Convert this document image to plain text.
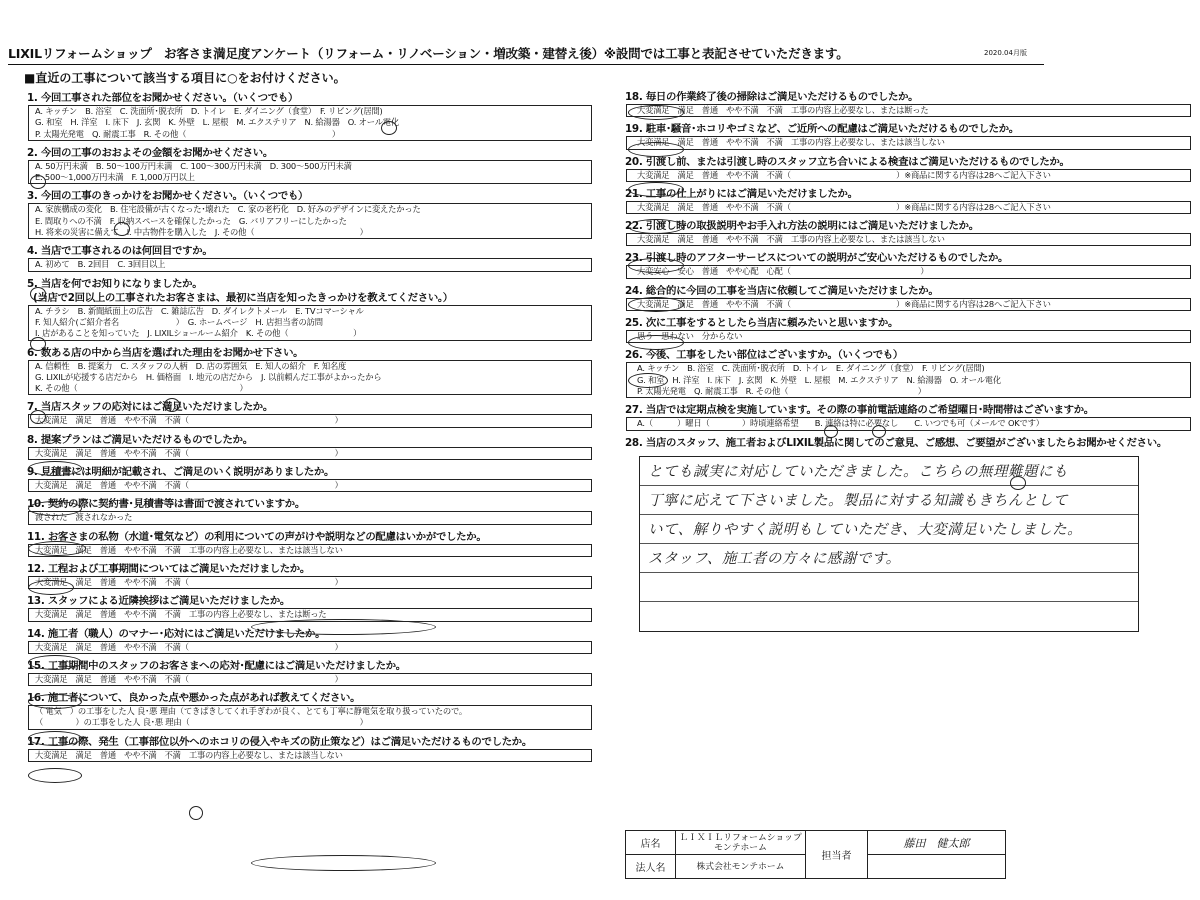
LIXILリフォームショップ　お客さま満足度アンケート（リフォーム・リノベーション・増改築・建替え後）※設問では工事と表記させていただきます。	2020.04月版
■直近の工事について該当する項目に○をお付けください。
1. 今回工事された部位をお聞かせください。（いくつでも）
A. キッチン　B. 浴室　C. 洗面所･脱衣所　D. トイレ　E. ダイニング（食堂）　F. リビング(居間)
G. 和室　H. 洋室　I. 床下　J. 玄関　K. 外壁　L. 屋根　M. エクステリア　N. 給湯器　O. オール電化
P. 太陽光発電　Q. 耐震工事　R. その他（　　　　　　　　　　　　　　　　　　）
2. 今回の工事のおおよその金額をお聞かせください。
A. 50万円未満　B. 50～100万円未満　C. 100～300万円未満　D. 300～500万円未満
E. 500～1,000万円未満　F. 1,000万円以上
3. 今回の工事のきっかけをお聞かせください。（いくつでも）
A. 家族構成の変化　B. 住宅設備が古くなった･壊れた　C. 家の老朽化　D. 好みのデザインに変えたかった
E. 間取りへの不満　F. 収納スペースを確保したかった　G. バリアフリーにしたかった
H. 将来の災害に備えて　I. 中古物件を購入した　J. その他（　　　　　　　　　　　　　）
4. 当店で工事されるのは何回目ですか。
A. 初めて　B. 2回目　C. 3回目以上
5. 当店を何でお知りになりましたか。
(当店で2回以上の工事されたお客さまは、最初に当店を知ったきっかけを教えてください。）
A. チラシ　B. 新聞紙面上の広告　C. 雑誌広告　D. ダイレクトメール　E. TVコマーシャル
F. 知人紹介(ご紹介者名　　　　　　　）　G. ホームページ　H. 店担当者の訪問
I. 店があることを知っていた　J. LIXILショールーム紹介　K. その他（　　　　　　　　）
6. 数ある店の中から当店を選ばれた理由をお聞かせ下さい。
A. 信頼性　B. 提案力　C. スタッフの人柄　D. 店の雰囲気　E. 知人の紹介　F. 知名度
G. LIXILが応援する店だから　H. 価格面　I. 地元の店だから　J. 以前頼んだ工事がよかったから
K. その他（　　　　　　　　　　　　　　　　　　　　）
7. 当店スタッフの応対にはご満足いただけましたか。
大変満足　満足　普通　やや不満　不満（　　　　　　　　　　　　　　　　　　）
8. 提案プランはご満足いただけるものでしたか。
大変満足　満足　普通　やや不満　不満（　　　　　　　　　　　　　　　　　　）
9. 見積書には明細が記載され、ご満足のいく説明がありましたか。
大変満足　満足　普通　やや不満　不満（　　　　　　　　　　　　　　　　　　）
10. 契約の際に契約書･見積書等は書面で渡されていますか。
渡された　渡されなかった
11. お客さまの私物（水道･電気など）の利用についての声がけや説明などの配慮はいかがでしたか。
大変満足　満足　普通　やや不満　不満　工事の内容上必要なし、または該当しない
12. 工程および工事期間についてはご満足いただけましたか。
大変満足　満足　普通　やや不満　不満（　　　　　　　　　　　　　　　　　　）
13. スタッフによる近隣挨拶はご満足いただけましたか。
大変満足　満足　普通　やや不満　不満　工事の内容上必要なし、または断った
14. 施工者（職人）のマナー･応対にはご満足いただけましたか。
大変満足　満足　普通　やや不満　不満（　　　　　　　　　　　　　　　　　　）
15. 工事期間中のスタッフのお客さまへの応対･配慮にはご満足いただけましたか。
大変満足　満足　普通　やや不満　不満（　　　　　　　　　　　　　　　　　　）
16. 施工者について、良かった点や悪かった点があれば教えてください。
（ 電気　）の工事をした人 良･悪 理由（てきぱきしてくれ手ぎわが良く、とても丁寧に静電気を取り扱っていたので。
（　　　　）の工事をした人 良･悪 理由（　　　　　　　　　　　　　　　　　　　　　）
17. 工事の際、発生（工事部位以外へのホコリの侵入やキズの防止策など）はご満足いただけるものでしたか。
大変満足　満足　普通　やや不満　不満　工事の内容上必要なし、または該当しない
18. 毎日の作業終了後の掃除はご満足いただけるものでしたか。
大変満足　満足　普通　やや不満　不満　工事の内容上必要なし、または断った
19. 駐車･騒音･ホコリやゴミなど、ご近所への配慮はご満足いただけるものでしたか。
大変満足　満足　普通　やや不満　不満　工事の内容上必要なし、または該当しない
20. 引渡し前、または引渡し時のスタッフ立ち合いによる検査はご満足いただけるものでしたか。
大変満足　満足　普通　やや不満　不満（　　　　　　　　　　　　　）※商品に関する内容は28へご記入下さい
21. 工事の仕上がりにはご満足いただけましたか。
大変満足　満足　普通　やや不満　不満（　　　　　　　　　　　　　）※商品に関する内容は28へご記入下さい
22. 引渡し時の取扱説明やお手入れ方法の説明にはご満足いただけましたか。
大変満足　満足　普通　やや不満　不満　工事の内容上必要なし、または該当しない
23. 引渡し時のアフターサービスについての説明がご安心いただけるものでしたか。
大変安心　安心　普通　やや心配　心配（　　　　　　　　　　　　　　　　）
24. 総合的に今回の工事を当店に依頼してご満足いただけましたか。
大変満足　満足　普通　やや不満　不満（　　　　　　　　　　　　　）※商品に関する内容は28へご記入下さい
25. 次に工事をするとしたら当店に頼みたいと思いますか。
思う　思わない　分からない
26. 今後、工事をしたい部位はございますか。（いくつでも）
A. キッチン　B. 浴室　C. 洗面所･脱衣所　D. トイレ　E. ダイニング（食堂）　F. リビング(居間)
G. 和室　H. 洋室　I. 床下　J. 玄関　K. 外壁　L. 屋根　M. エクステリア　N. 給湯器　O. オール電化
P. 太陽光発電　Q. 耐震工事　R. その他（　　　　　　　　　　　　　　　　）
27. 当店では定期点検を実施しています。その際の事前電話連絡のご希望曜日･時間帯はございますか。
A.（　　　）曜日（　　　　）時頃連絡希望　　B. 連絡は特に必要なし　　C. いつでも可（メールで OKです）
28. 当店のスタッフ、施工者およびLIXIL製品に関してのご意見、ご感想、ご要望がございましたらお聞かせください。
とても誠実に対応していただきました。こちらの無理難題にも
丁寧に応えて下さいました。製品に対する知識もきちんとして
いて、解りやすく説明もしていただき、大変満足いたしました。
スタッフ、施工者の方々に感謝です。
店名	ＬＩＸＩＬリフォームショップ
モンテホーム	担当者	藤田　健太郎
法人名	株式会社モンテホーム		
